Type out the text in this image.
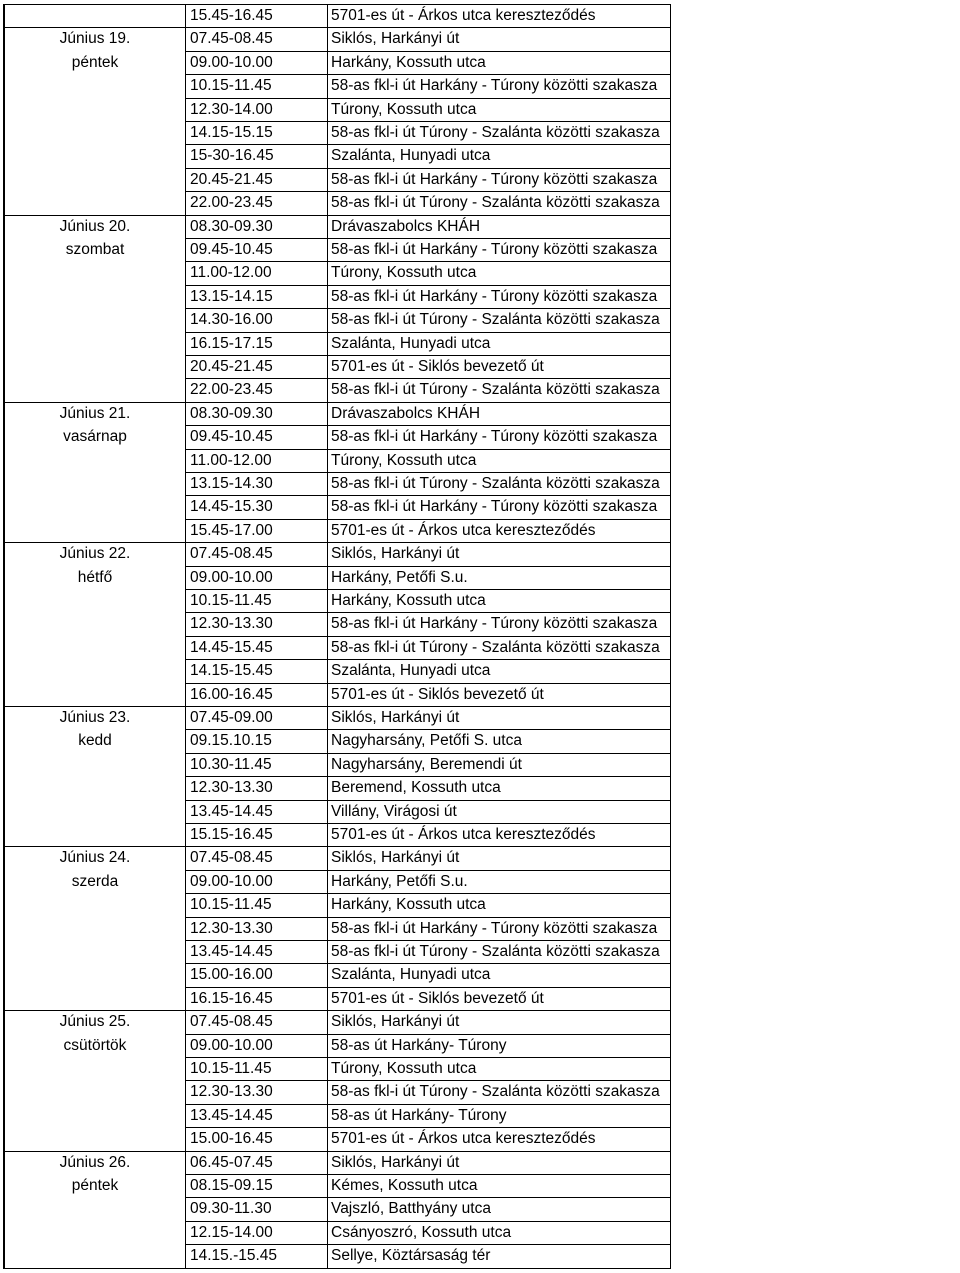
15.45-16.45	5701-es út - Árkos utca kereszteződés
Június 19.
péntek
07.45-08.45	Siklós, Harkányi út
09.00-10.00	Harkány, Kossuth utca
10.15-11.45	58-as fkl-i út Harkány - Túrony közötti szakasza
12.30-14.00	Túrony, Kossuth utca
14.15-15.15	58-as fkl-i út Túrony - Szalánta közötti szakasza
15-30-16.45	Szalánta, Hunyadi utca
20.45-21.45	58-as fkl-i út Harkány - Túrony közötti szakasza
22.00-23.45	58-as fkl-i út Túrony - Szalánta közötti szakasza
Június 20.
szombat
08.30-09.30	Drávaszabolcs KHÁH
09.45-10.45	58-as fkl-i út Harkány - Túrony közötti szakasza
11.00-12.00	Túrony, Kossuth utca
13.15-14.15	58-as fkl-i út Harkány - Túrony közötti szakasza
14.30-16.00	58-as fkl-i út Túrony - Szalánta közötti szakasza
16.15-17.15	Szalánta, Hunyadi utca
20.45-21.45	5701-es út - Siklós bevezető út
22.00-23.45	58-as fkl-i út Túrony - Szalánta közötti szakasza
Június 21.
vasárnap
08.30-09.30	Drávaszabolcs KHÁH
09.45-10.45	58-as fkl-i út Harkány - Túrony közötti szakasza
11.00-12.00	Túrony, Kossuth utca
13.15-14.30	58-as fkl-i út Túrony - Szalánta közötti szakasza
14.45-15.30	58-as fkl-i út Harkány - Túrony közötti szakasza
15.45-17.00	5701-es út - Árkos utca kereszteződés
Június 22.
hétfő
07.45-08.45	Siklós, Harkányi út
09.00-10.00	Harkány, Petőfi S.u.
10.15-11.45	Harkány, Kossuth utca
12.30-13.30	58-as fkl-i út Harkány - Túrony közötti szakasza
14.45-15.45	58-as fkl-i út Túrony - Szalánta közötti szakasza
14.15-15.45	Szalánta, Hunyadi utca
16.00-16.45	5701-es út - Siklós bevezető út
Június 23.
kedd
07.45-09.00	Siklós, Harkányi út
09.15.10.15	Nagyharsány, Petőfi S. utca
10.30-11.45	Nagyharsány, Beremendi út
12.30-13.30	Beremend, Kossuth utca
13.45-14.45	Villány, Virágosi út
15.15-16.45	5701-es út - Árkos utca kereszteződés
Június 24.
szerda
07.45-08.45	Siklós, Harkányi út
09.00-10.00	Harkány, Petőfi S.u.
10.15-11.45	Harkány, Kossuth utca
12.30-13.30	58-as fkl-i út Harkány - Túrony közötti szakasza
13.45-14.45	58-as fkl-i út Túrony - Szalánta közötti szakasza
15.00-16.00	Szalánta, Hunyadi utca
16.15-16.45	5701-es út - Siklós bevezető út
Június 25.
csütörtök
07.45-08.45	Siklós, Harkányi út
09.00-10.00	58-as út Harkány- Túrony
10.15-11.45	Túrony, Kossuth utca
12.30-13.30	58-as fkl-i út Túrony - Szalánta közötti szakasza
13.45-14.45	58-as út Harkány- Túrony
15.00-16.45	5701-es út - Árkos utca kereszteződés
Június 26.
péntek
06.45-07.45	Siklós, Harkányi út
08.15-09.15	Kémes, Kossuth utca
09.30-11.30	Vajszló, Batthyány utca
12.15-14.00	Csányoszró, Kossuth utca
14.15.-15.45	Sellye, Köztársaság tér
